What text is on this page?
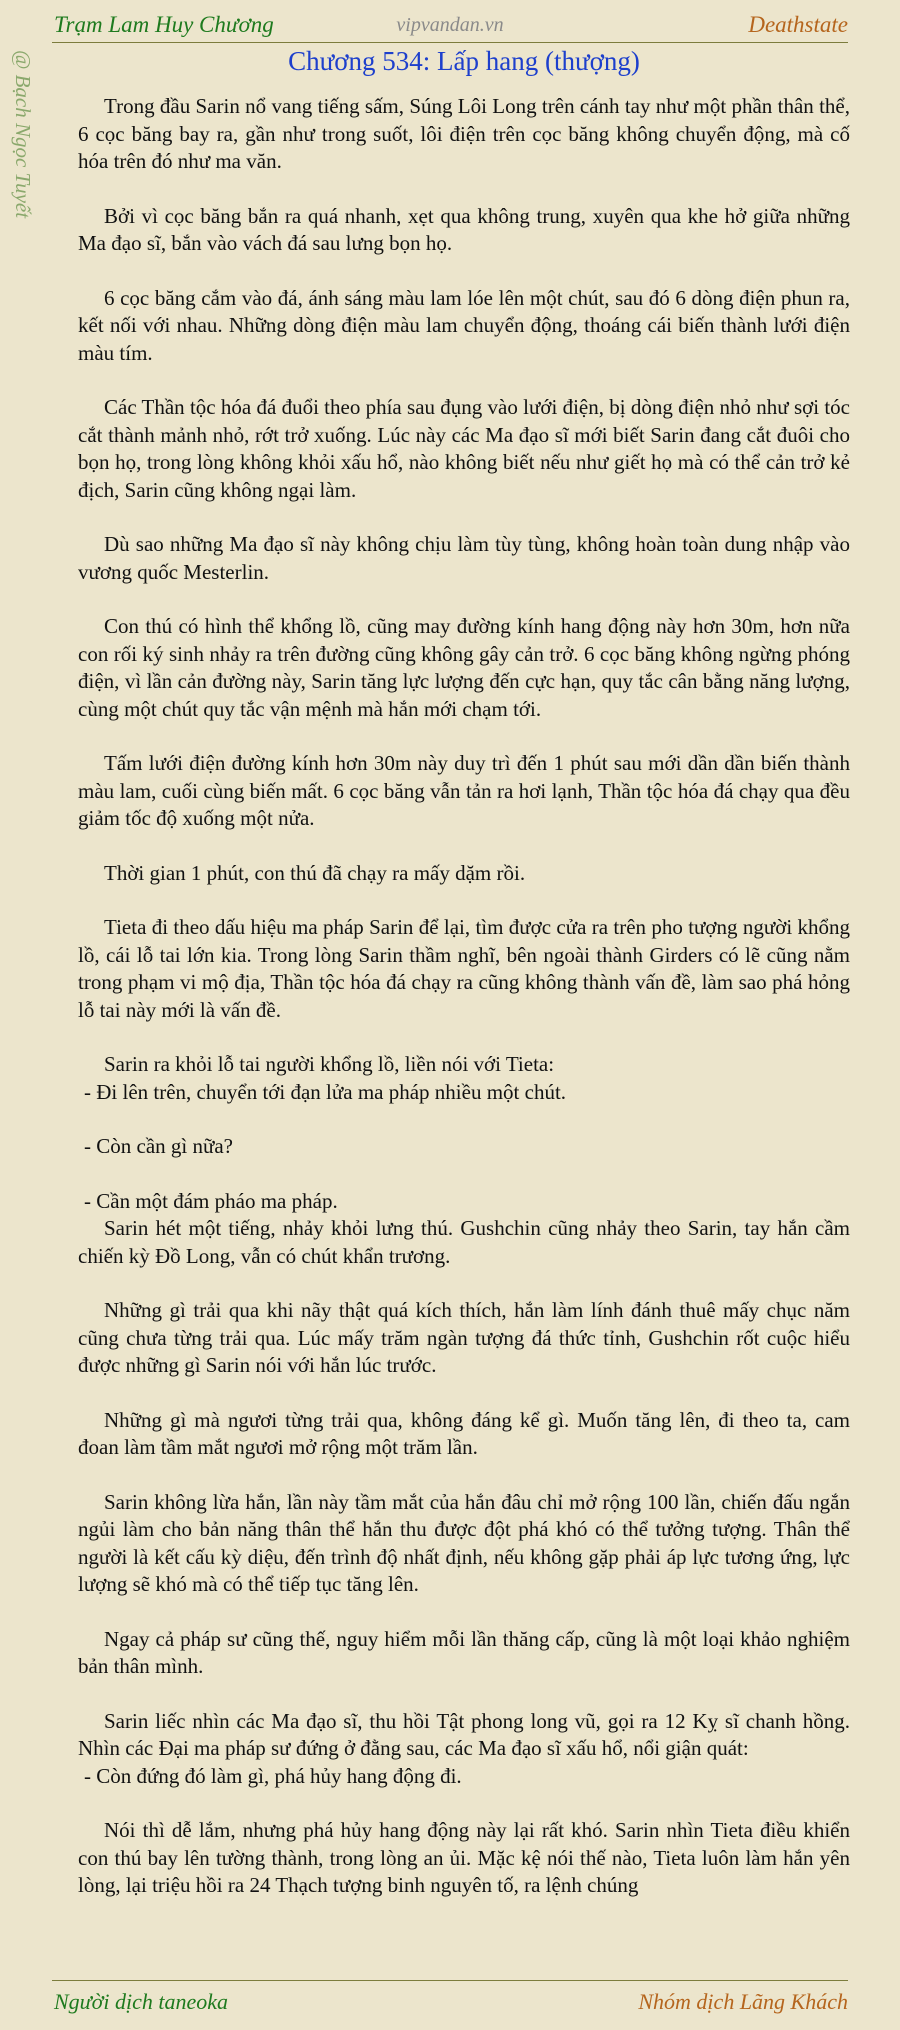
Trạm Lam Huy Chương	vipvandan.vn	Deathstate
@ Bạch Ngọc Tuyết	Chương 534: Lấp hang (thượng)

Trong đầu Sarin nổ vang tiếng sấm, Súng Lôi Long trên cánh tay như một phần thân thể, 6 cọc băng bay ra, gần như trong suốt, lôi điện trên cọc băng không chuyển động, mà cố hóa trên đó như ma văn.

Bởi vì cọc băng bắn ra quá nhanh, xẹt qua không trung, xuyên qua khe hở giữa những Ma đạo sĩ, bắn vào vách đá sau lưng bọn họ.

6 cọc băng cắm vào đá, ánh sáng màu lam lóe lên một chút, sau đó 6 dòng điện phun ra, kết nối với nhau. Những dòng điện màu lam chuyển động, thoáng cái biến thành lưới điện màu tím.

Các Thần tộc hóa đá đuổi theo phía sau đụng vào lưới điện, bị dòng điện nhỏ như sợi tóc cắt thành mảnh nhỏ, rớt trở xuống. Lúc này các Ma đạo sĩ mới biết Sarin đang cắt đuôi cho bọn họ, trong lòng không khỏi xấu hổ, nào không biết nếu như giết họ mà có thể cản trở kẻ địch, Sarin cũng không ngại làm.

Dù sao những Ma đạo sĩ này không chịu làm tùy tùng, không hoàn toàn dung nhập vào vương quốc Mesterlin.

Con thú có hình thể khổng lồ, cũng may đường kính hang động này hơn 30m, hơn nữa con rối ký sinh nhảy ra trên đường cũng không gây cản trở. 6 cọc băng không ngừng phóng điện, vì lần cản đường này, Sarin tăng lực lượng đến cực hạn, quy tắc cân bằng năng lượng, cùng một chút quy tắc vận mệnh mà hắn mới chạm tới.

Tấm lưới điện đường kính hơn 30m này duy trì đến 1 phút sau mới dần dần biến thành màu lam, cuối cùng biến mất. 6 cọc băng vẫn tản ra hơi lạnh, Thần tộc hóa đá chạy qua đều giảm tốc độ xuống một nửa.

Thời gian 1 phút, con thú đã chạy ra mấy dặm rồi.

Tieta đi theo dấu hiệu ma pháp Sarin để lại, tìm được cửa ra trên pho tượng người khổng lồ, cái lỗ tai lớn kia. Trong lòng Sarin thầm nghĩ, bên ngoài thành Girders có lẽ cũng nằm trong phạm vi mộ địa, Thần tộc hóa đá chạy ra cũng không thành vấn đề, làm sao phá hỏng lỗ tai này mới là vấn đề.

Sarin ra khỏi lỗ tai người khổng lồ, liền nói với Tieta:

- Đi lên trên, chuyển tới đạn lửa ma pháp nhiều một chút.
- Còn cần gì nữa?
- Cần một đám pháo ma pháp.

Sarin hét một tiếng, nhảy khỏi lưng thú. Gushchin cũng nhảy theo Sarin, tay hắn cầm chiến kỳ Đồ Long, vẫn có chút khẩn trương.

Những gì trải qua khi nãy thật quá kích thích, hắn làm lính đánh thuê mấy chục năm cũng chưa từng trải qua. Lúc mấy trăm ngàn tượng đá thức tỉnh, Gushchin rốt cuộc hiểu được những gì Sarin nói với hắn lúc trước.

Những gì mà ngươi từng trải qua, không đáng kể gì. Muốn tăng lên, đi theo ta, cam đoan làm tầm mắt ngươi mở rộng một trăm lần.

Sarin không lừa hắn, lần này tầm mắt của hắn đâu chỉ mở rộng 100 lần, chiến đấu ngắn ngủi làm cho bản năng thân thể hắn thu được đột phá khó có thể tưởng tượng. Thân thể người là kết cấu kỳ diệu, đến trình độ nhất định, nếu không gặp phải áp lực tương ứng, lực lượng sẽ khó mà có thể tiếp tục tăng lên.

Ngay cả pháp sư cũng thế, nguy hiểm mỗi lần thăng cấp, cũng là một loại khảo nghiệm bản thân mình.

Sarin liếc nhìn các Ma đạo sĩ, thu hồi Tật phong long vũ, gọi ra 12 Kỵ sĩ chanh hồng. Nhìn các Đại ma pháp sư đứng ở đằng sau, các Ma đạo sĩ xấu hổ, nổi giận quát:

- Còn đứng đó làm gì, phá hủy hang động đi.

Nói thì dễ lắm, nhưng phá hủy hang động này lại rất khó. Sarin nhìn Tieta điều khiển con thú bay lên tường thành, trong lòng an ủi. Mặc kệ nói thế nào, Tieta luôn làm hắn yên lòng, lại triệu hồi ra 24 Thạch tượng binh nguyên tố, ra lệnh chúng

Người dịch taneoka	Nhóm dịch Lãng Khách
